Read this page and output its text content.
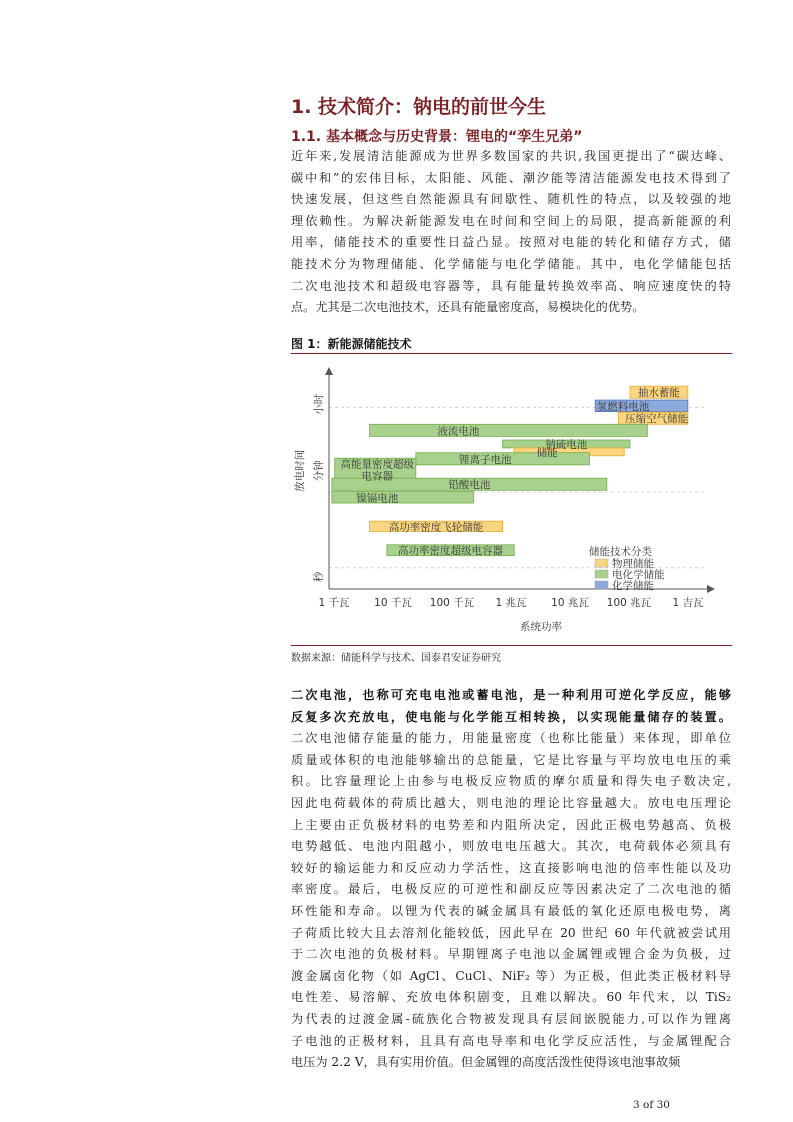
1. 技术简介：钠电的前世今生
1.1. 基本概念与历史背景：锂电的“孪生兄弟”
近年来,发展清洁能源成为世界多数国家的共识,我国更提出了“碳达峰、
碳中和”的宏伟目标，太阳能、风能、潮汐能等清洁能源发电技术得到了
快速发展，但这些自然能源具有间歇性、随机性的特点，以及较强的地
理依赖性。为解决新能源发电在时间和空间上的局限，提高新能源的利
用率，储能技术的重要性日益凸显。按照对电能的转化和储存方式，储
能技术分为物理储能、化学储能与电化学储能。其中，电化学储能包括
二次电池技术和超级电容器等，具有能量转换效率高、响应速度快的特
点。尤其是二次电池技术，还具有能量密度高，易模块化的优势。
图 1：新能源储能技术
抽水蓄能
氢燃料电池
压缩空气储能
液流电池
钠硫电池
储能
锂离子电池
高能量密度超级
电容器
铅酸电池
镍镉电池
高功率密度飞轮储能
高功率密度超级电容器
1 千瓦 10 千瓦 100 千瓦 1 兆瓦 10 兆瓦 100 兆瓦 1 吉瓦
系统功率
秒
分钟
小时
放电时间
储能技术分类
物理储能
电化学储能
化学储能
数据来源：储能科学与技术、国泰君安证券研究
二次电池，也称可充电电池或蓄电池，是一种利用可逆化学反应，能够
反复多次充放电，使电能与化学能互相转换，以实现能量储存的装置。
二次电池储存能量的能力，用能量密度（也称比能量）来体现，即单位
质量或体积的电池能够输出的总能量，它是比容量与平均放电电压的乘
积。比容量理论上由参与电极反应物质的摩尔质量和得失电子数决定,
因此电荷载体的荷质比越大，则电池的理论比容量越大。放电电压理论
上主要由正负极材料的电势差和内阻所决定，因此正极电势越高、负极
电势越低、电池内阻越小，则放电电压越大。其次，电荷载体必须具有
较好的输运能力和反应动力学活性，这直接影响电池的倍率性能以及功
率密度。最后，电极反应的可逆性和副反应等因素决定了二次电池的循
环性能和寿命。以锂为代表的碱金属具有最低的氧化还原电极电势，离
子荷质比较大且去溶剂化能较低，因此早在 20 世纪 60 年代就被尝试用
于二次电池的负极材料。早期锂离子电池以金属锂或锂合金为负极，过
渡金属卤化物（如 AgCl、CuCl、NiF₂ 等）为正极，但此类正极材料导
电性差、易溶解、充放电体积剧变，且难以解决。60 年代末，以 TiS₂
为代表的过渡金属-硫族化合物被发现具有层间嵌脱能力,可以作为锂离
子电池的正极材料，且具有高电导率和电化学反应活性，与金属锂配合
电压为 2.2 V，具有实用价值。但金属锂的高度活泼性使得该电池事故频
3 of 30
